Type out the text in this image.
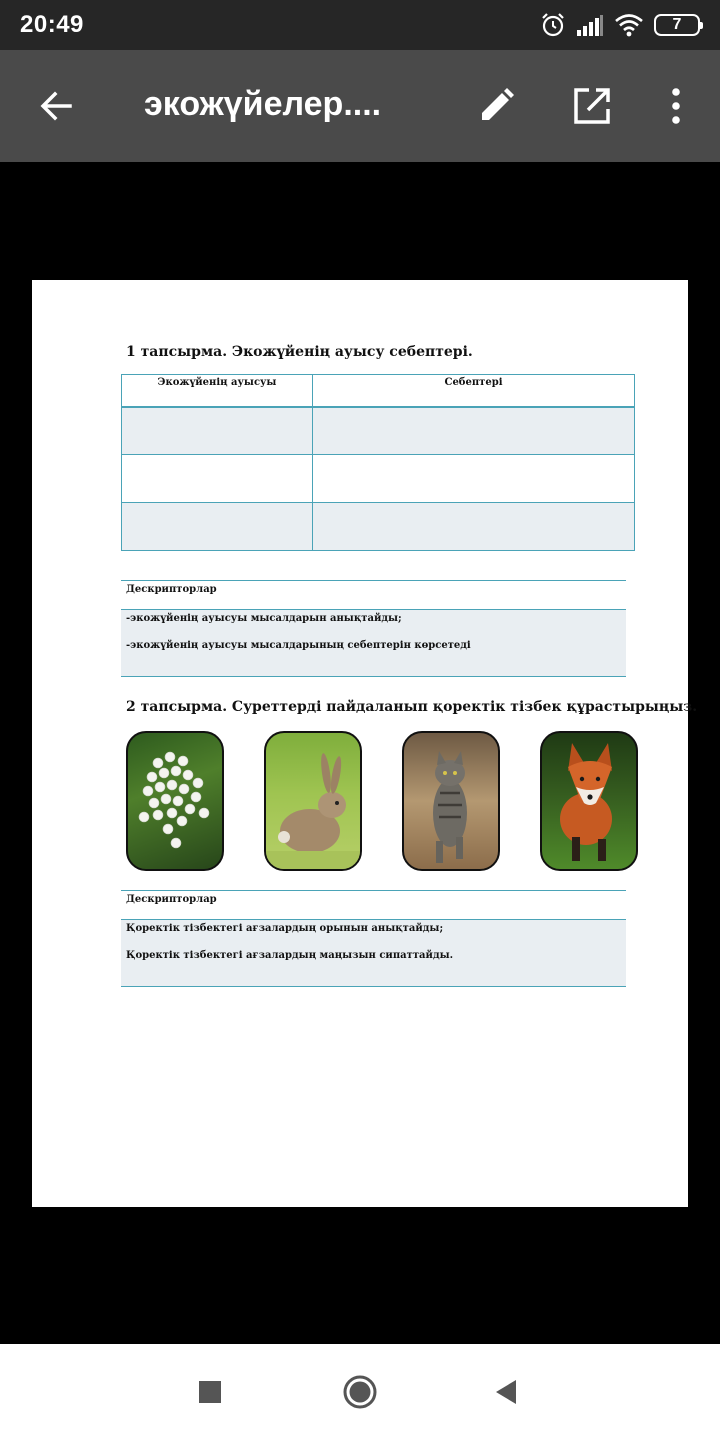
20:49	7
экожүйелер....
1 тапсырма. Экожүйенің ауысу себептері.
Экожүйенің ауысуы	Себептері

Дескрипторлар
-экожүйенің ауысуы мысалдарын анықтайды;
-экожүйенің ауысуы мысалдарының себептерін көрсетеді
2 тапсырма. Суреттерді пайдаланып қоректік тізбек құрастырыңыз.
Дескрипторлар
Қоректік тізбектегі ағзалардың орынын анықтайды;
Қоректік тізбектегі ағзалардың маңызын сипаттайды.
